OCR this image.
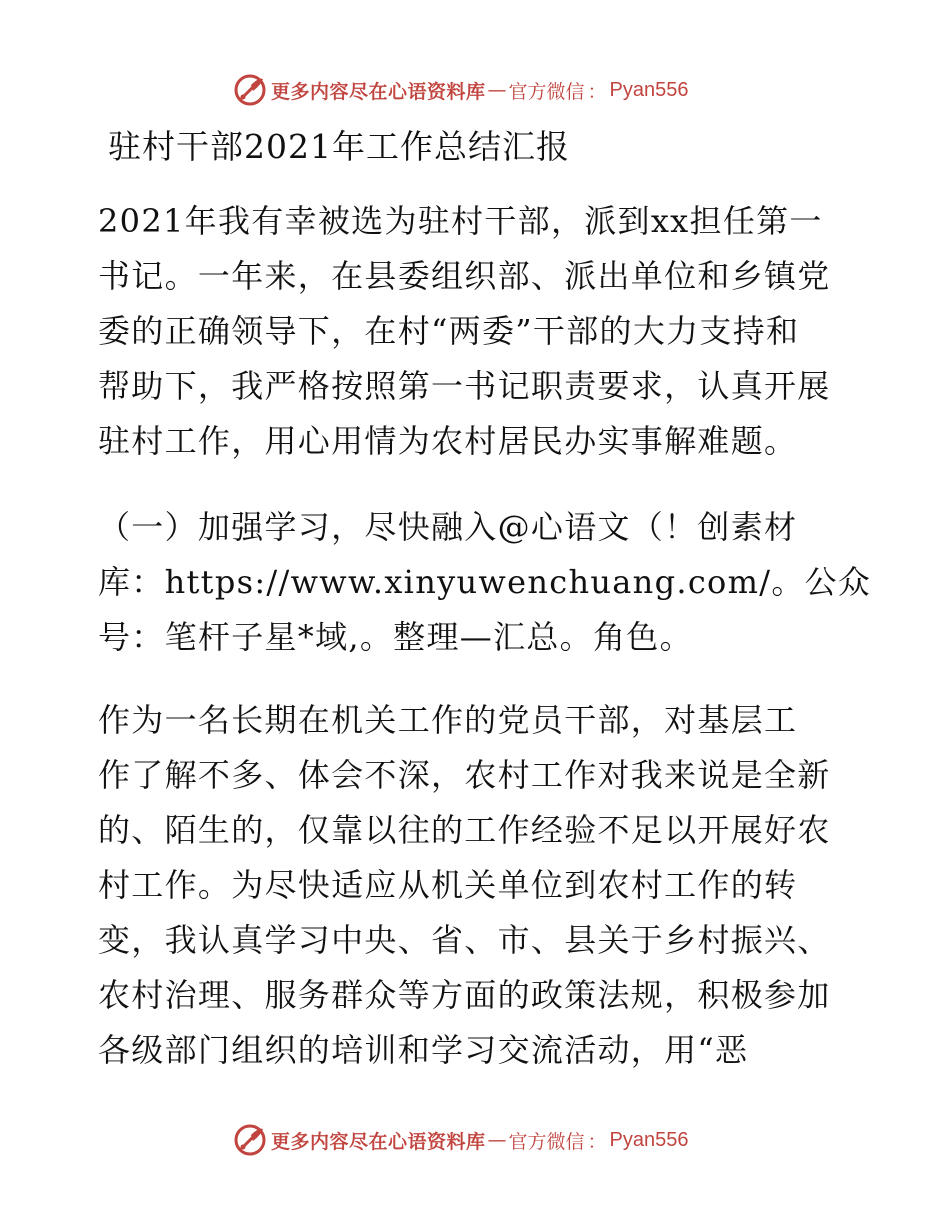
更多内容尽在心语资料库 — 官方微信 ： Pyan556
驻村干部2021年工作总结汇报
2021年我有幸被选为驻村干部，派到xx担任第一
书记。一年来，在县委组织部、派出单位和乡镇党
委的正确领导下，在村“两委”干部的大力支持和
帮助下，我严格按照第一书记职责要求，认真开展
驻村工作，用心用情为农村居民办实事解难题。
（一）加强学习，尽快融入@心语文（！创素材
库：https://www.xinyuwenchuang.com/。公众
号：笔杆子星*域,。整理—汇总。角色。
作为一名长期在机关工作的党员干部，对基层工
作了解不多、体会不深，农村工作对我来说是全新
的、陌生的，仅靠以往的工作经验不足以开展好农
村工作。为尽快适应从机关单位到农村工作的转
变，我认真学习中央、省、市、县关于乡村振兴、
农村治理、服务群众等方面的政策法规，积极参加
各级部门组织的培训和学习交流活动，用“恶
更多内容尽在心语资料库 — 官方微信 ： Pyan556
